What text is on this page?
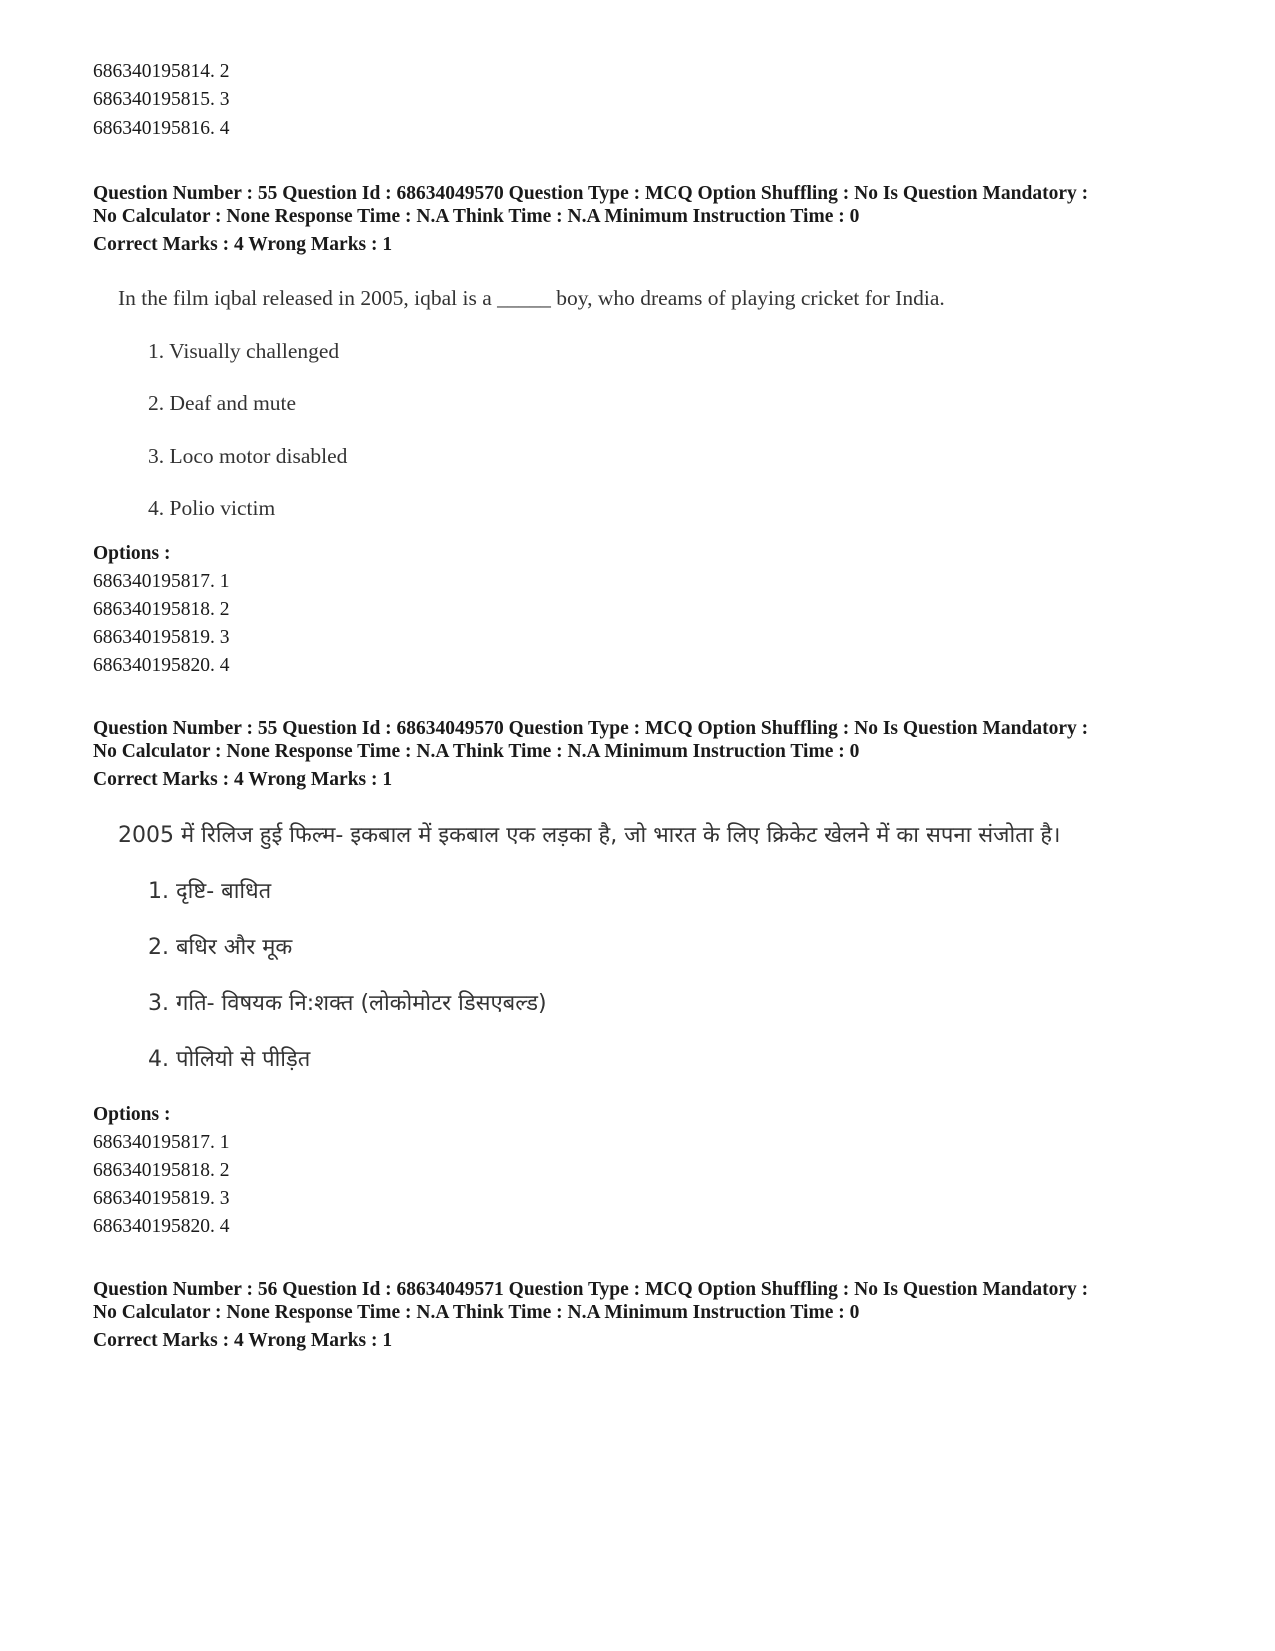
686340195814. 2
686340195815. 3
686340195816. 4
Question Number : 55 Question Id : 68634049570 Question Type : MCQ Option Shuffling : No Is Question Mandatory :
No Calculator : None Response Time : N.A Think Time : N.A Minimum Instruction Time : 0
Correct Marks : 4 Wrong Marks : 1
In the film iqbal released in 2005, iqbal is a _____ boy, who dreams of playing cricket for India.
1. Visually challenged
2. Deaf and mute
3. Loco motor disabled
4. Polio victim
Options :
686340195817. 1
686340195818. 2
686340195819. 3
686340195820. 4
Question Number : 55 Question Id : 68634049570 Question Type : MCQ Option Shuffling : No Is Question Mandatory :
No Calculator : None Response Time : N.A Think Time : N.A Minimum Instruction Time : 0
Correct Marks : 4 Wrong Marks : 1
2005 में रिलिज हुई फिल्म- इकबाल में इकबाल एक लड़का है, जो भारत के लिए क्रिकेट खेलने में का सपना संजोता है।
1. दृष्टि- बाधित
2. बधिर और मूक
3. गति- विषयक नि:शक्त (लोकोमोटर डिसएबल्ड)
4. पोलियो से पीड़ित
Options :
686340195817. 1
686340195818. 2
686340195819. 3
686340195820. 4
Question Number : 56 Question Id : 68634049571 Question Type : MCQ Option Shuffling : No Is Question Mandatory :
No Calculator : None Response Time : N.A Think Time : N.A Minimum Instruction Time : 0
Correct Marks : 4 Wrong Marks : 1
